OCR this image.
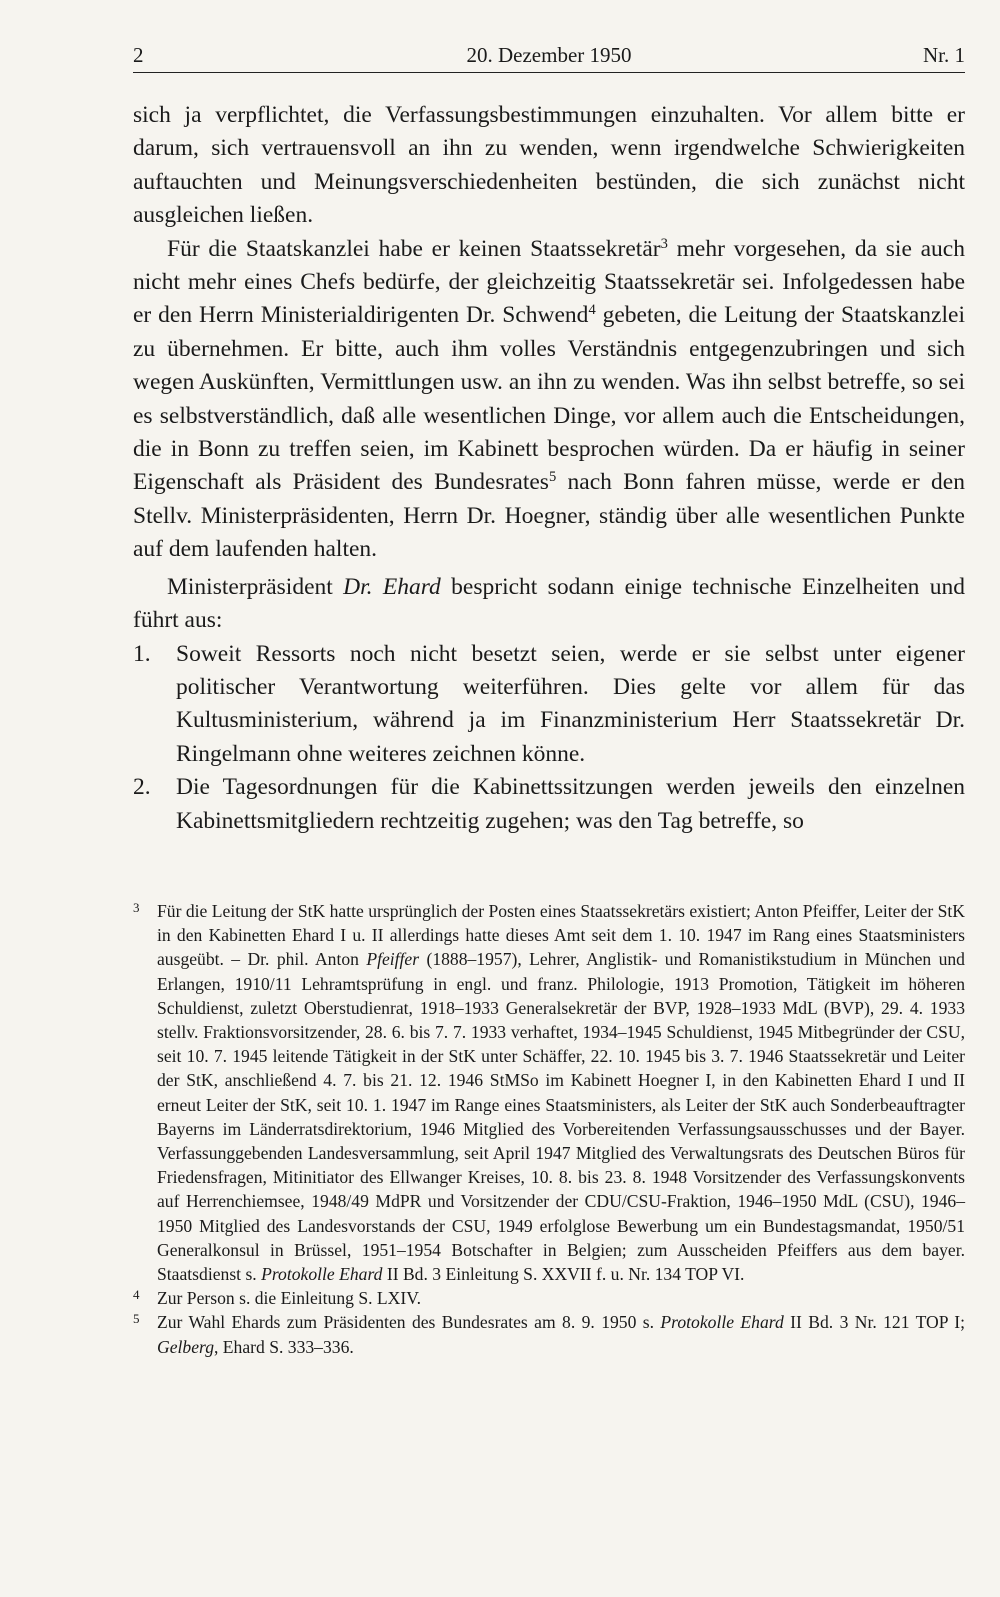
2	20. Dezember 1950	Nr. 1

sich ja verpflichtet, die Verfassungsbestimmungen einzuhalten. Vor allem bitte er darum, sich vertrauensvoll an ihn zu wenden, wenn irgendwelche Schwierigkeiten auftauchten und Meinungsverschiedenheiten bestünden, die sich zunächst nicht ausgleichen ließen.

Für die Staatskanzlei habe er keinen Staatssekretär$^3$ mehr vorgesehen, da sie auch nicht mehr eines Chefs bedürfe, der gleichzeitig Staatssekretär sei. Infolgedessen habe er den Herrn Ministerialdirigenten Dr. Schwend$^4$ gebeten, die Leitung der Staatskanzlei zu übernehmen. Er bitte, auch ihm volles Verständnis entgegenzubringen und sich wegen Auskünften, Vermittlungen usw. an ihn zu wenden. Was ihn selbst betreffe, so sei es selbstverständlich, daß alle wesentlichen Dinge, vor allem auch die Entscheidungen, die in Bonn zu treffen seien, im Kabinett besprochen würden. Da er häufig in seiner Eigenschaft als Präsident des Bundesrates$^5$ nach Bonn fahren müsse, werde er den Stellv. Ministerpräsidenten, Herrn Dr. Hoegner, ständig über alle wesentlichen Punkte auf dem laufenden halten.

Ministerpräsident Dr. Ehard bespricht sodann einige technische Einzelheiten und führt aus:

1. Soweit Ressorts noch nicht besetzt seien, werde er sie selbst unter eigener politischer Verantwortung weiterführen. Dies gelte vor allem für das Kultusministerium, während ja im Finanzministerium Herr Staatssekretär Dr. Ringelmann ohne weiteres zeichnen könne.
2. Die Tagesordnungen für die Kabinettssitzungen werden jeweils den einzelnen Kabinettsmitgliedern rechtzeitig zugehen; was den Tag betreffe, so
3 Für die Leitung der StK hatte ursprünglich der Posten eines Staatssekretärs existiert; Anton Pfeiffer, Leiter der StK in den Kabinetten Ehard I u. II allerdings hatte dieses Amt seit dem 1. 10. 1947 im Rang eines Staatsministers ausgeübt. – Dr. phil. Anton Pfeiffer (1888–1957), Lehrer, Anglistik- und Romanistikstudium in München und Erlangen, 1910/11 Lehramtsprüfung in engl. und franz. Philologie, 1913 Promotion, Tätigkeit im höheren Schuldienst, zuletzt Oberstudienrat, 1918–1933 Generalsekretär der BVP, 1928–1933 MdL (BVP), 29. 4. 1933 stellv. Fraktionsvorsitzender, 28. 6. bis 7. 7. 1933 verhaftet, 1934–1945 Schuldienst, 1945 Mitbegründer der CSU, seit 10. 7. 1945 leitende Tätigkeit in der StK unter Schäffer, 22. 10. 1945 bis 3. 7. 1946 Staatssekretär und Leiter der StK, anschließend 4. 7. bis 21. 12. 1946 StMSo im Kabinett Hoegner I, in den Kabinetten Ehard I und II erneut Leiter der StK, seit 10. 1. 1947 im Range eines Staatsministers, als Leiter der StK auch Sonderbeauftragter Bayerns im Länderratsdirektorium, 1946 Mitglied des Vorbereitenden Verfassungsausschusses und der Bayer. Verfassunggebenden Landesversammlung, seit April 1947 Mitglied des Verwaltungsrats des Deutschen Büros für Friedensfragen, Mitinitiator des Ellwanger Kreises, 10. 8. bis 23. 8. 1948 Vorsitzender des Verfassungskonvents auf Herrenchiemsee, 1948/49 MdPR und Vorsitzender der CDU/CSU-Fraktion, 1946–1950 MdL (CSU), 1946–1950 Mitglied des Landesvorstands der CSU, 1949 erfolglose Bewerbung um ein Bundestagsmandat, 1950/51 Generalkonsul in Brüssel, 1951–1954 Botschafter in Belgien; zum Ausscheiden Pfeiffers aus dem bayer. Staatsdienst s. Protokolle Ehard II Bd. 3 Einleitung S. XXVII f. u. Nr. 134 TOP VI.
4 Zur Person s. die Einleitung S. LXIV.
5 Zur Wahl Ehards zum Präsidenten des Bundesrates am 8. 9. 1950 s. Protokolle Ehard II Bd. 3 Nr. 121 TOP I; Gelberg, Ehard S. 333–336.
